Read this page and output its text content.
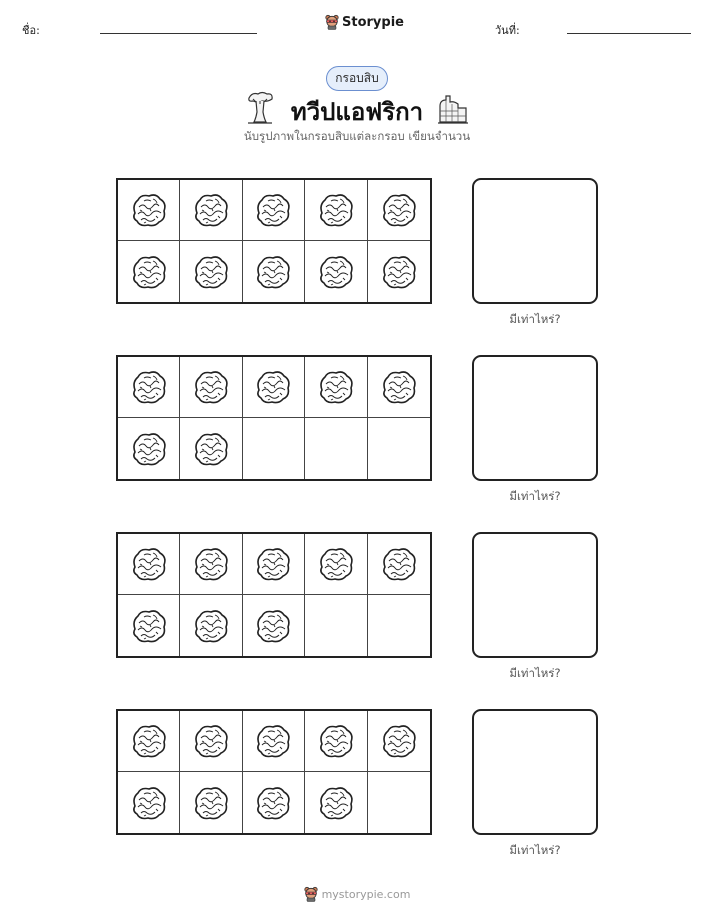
ชื่อ:
Storypie
วันที่:
กรอบสิบ
ทวีปแอฟริกา
นับรูปภาพในกรอบสิบแต่ละกรอบ เขียนจำนวน
มีเท่าไหร่?
มีเท่าไหร่?
มีเท่าไหร่?
มีเท่าไหร่?
mystorypie.com
